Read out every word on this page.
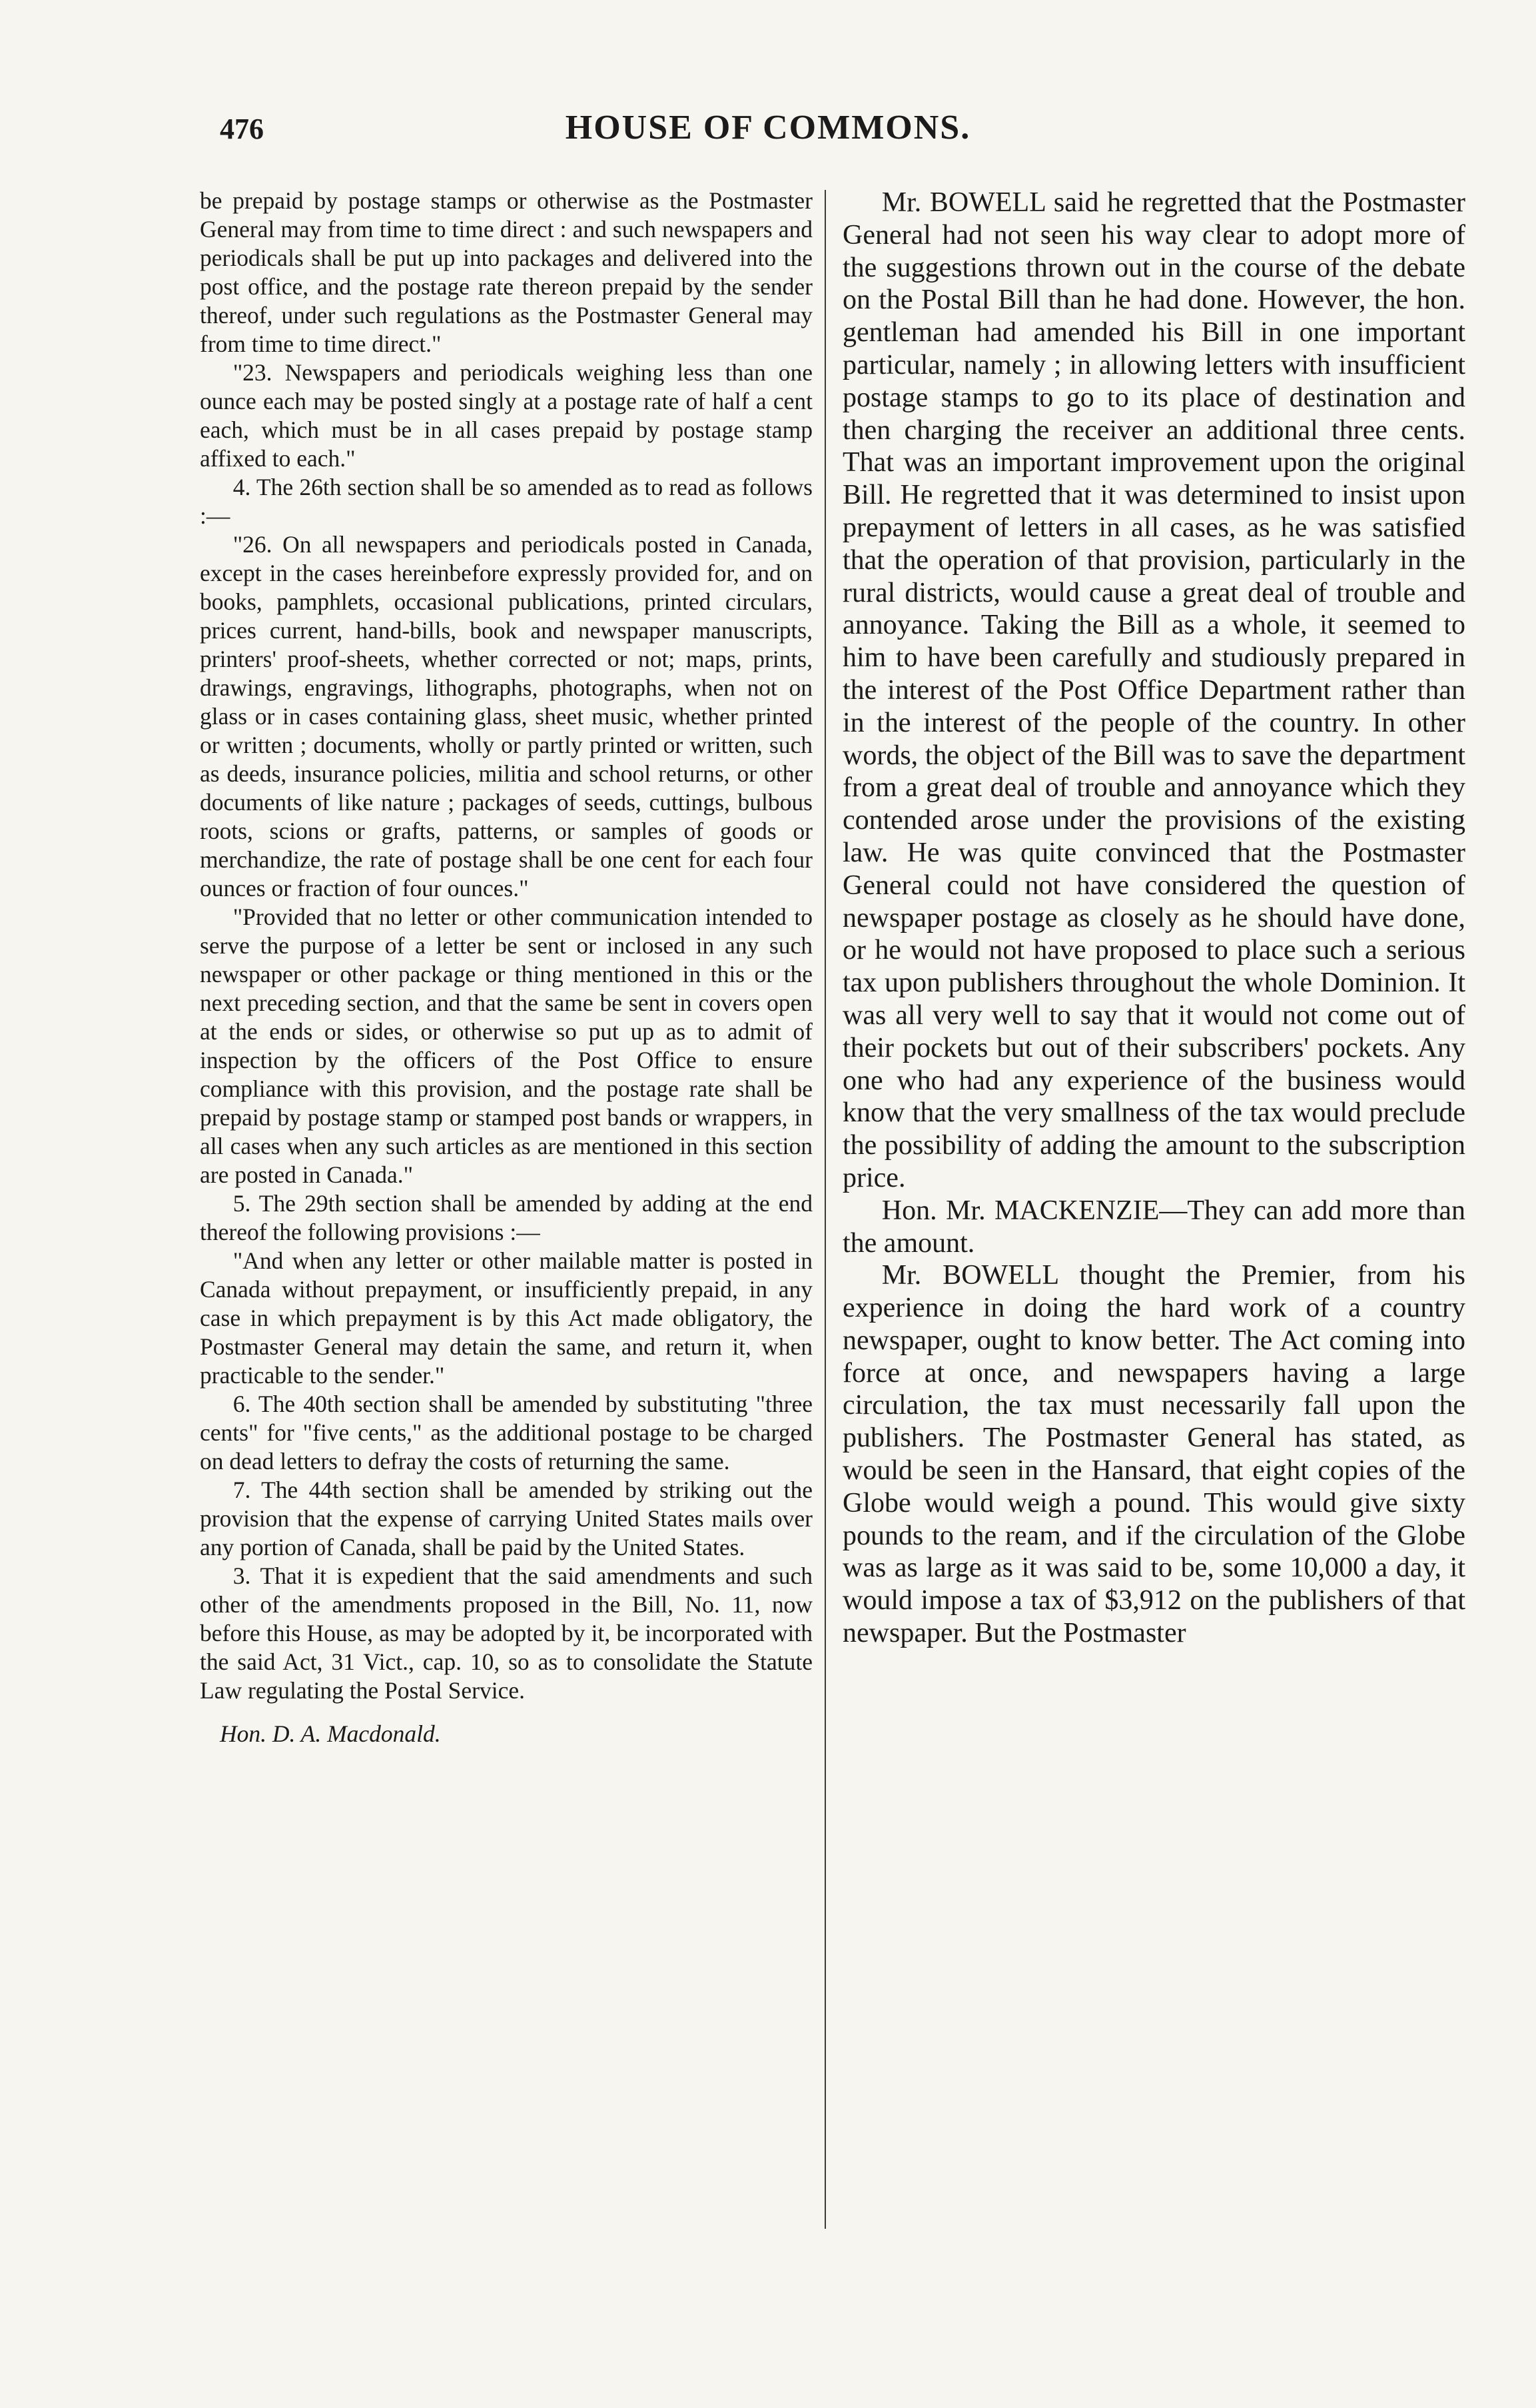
476	HOUSE OF COMMONS.

be prepaid by postage stamps or otherwise as the Postmaster General may from time to time direct : and such newspapers and periodicals shall be put up into packages and delivered into the post office, and the postage rate thereon prepaid by the sender thereof, under such regulations as the Postmaster General may from time to time direct."

"23. Newspapers and periodicals weighing less than one ounce each may be posted singly at a postage rate of half a cent each, which must be in all cases prepaid by postage stamp affixed to each."

4. The 26th section shall be so amended as to read as follows :—

"26. On all newspapers and periodicals posted in Canada, except in the cases hereinbefore expressly provided for, and on books, pamphlets, occasional publications, printed circulars, prices current, hand-bills, book and newspaper manuscripts, printers' proof-sheets, whether corrected or not; maps, prints, drawings, engravings, lithographs, photographs, when not on glass or in cases containing glass, sheet music, whether printed or written ; documents, wholly or partly printed or written, such as deeds, insurance policies, militia and school returns, or other documents of like nature ; packages of seeds, cuttings, bulbous roots, scions or grafts, patterns, or samples of goods or merchandize, the rate of postage shall be one cent for each four ounces or fraction of four ounces."

"Provided that no letter or other communication intended to serve the purpose of a letter be sent or inclosed in any such newspaper or other package or thing mentioned in this or the next preceding section, and that the same be sent in covers open at the ends or sides, or otherwise so put up as to admit of inspection by the officers of the Post Office to ensure compliance with this provision, and the postage rate shall be prepaid by postage stamp or stamped post bands or wrappers, in all cases when any such articles as are mentioned in this section are posted in Canada."

5. The 29th section shall be amended by adding at the end thereof the following provisions :—

"And when any letter or other mailable matter is posted in Canada without prepayment, or insufficiently prepaid, in any case in which prepayment is by this Act made obligatory, the Postmaster General may detain the same, and return it, when practicable to the sender."

6. The 40th section shall be amended by substituting "three cents" for "five cents," as the additional postage to be charged on dead letters to defray the costs of returning the same.

7. The 44th section shall be amended by striking out the provision that the expense of carrying United States mails over any portion of Canada, shall be paid by the United States.

3. That it is expedient that the said amendments and such other of the amendments proposed in the Bill, No. 11, now before this House, as may be adopted by it, be incorporated with the said Act, 31 Vict., cap. 10, so as to consolidate the Statute Law regulating the Postal Service.

Hon. D. A. Macdonald.

Mr. BOWELL said he regretted that the Postmaster General had not seen his way clear to adopt more of the suggestions thrown out in the course of the debate on the Postal Bill than he had done. However, the hon. gentleman had amended his Bill in one important particular, namely ; in allowing letters with insufficient postage stamps to go to its place of destination and then charging the receiver an additional three cents. That was an important improvement upon the original Bill. He regretted that it was determined to insist upon prepayment of letters in all cases, as he was satisfied that the operation of that provision, particularly in the rural districts, would cause a great deal of trouble and annoyance. Taking the Bill as a whole, it seemed to him to have been carefully and studiously prepared in the interest of the Post Office Department rather than in the interest of the people of the country. In other words, the object of the Bill was to save the department from a great deal of trouble and annoyance which they contended arose under the provisions of the existing law. He was quite convinced that the Postmaster General could not have considered the question of newspaper postage as closely as he should have done, or he would not have proposed to place such a serious tax upon publishers throughout the whole Dominion. It was all very well to say that it would not come out of their pockets but out of their subscribers' pockets. Any one who had any experience of the business would know that the very smallness of the tax would preclude the possibility of adding the amount to the subscription price.

Hon. Mr. MACKENZIE—They can add more than the amount.

Mr. BOWELL thought the Premier, from his experience in doing the hard work of a country newspaper, ought to know better. The Act coming into force at once, and newspapers having a large circulation, the tax must necessarily fall upon the publishers. The Postmaster General has stated, as would be seen in the Hansard, that eight copies of the Globe would weigh a pound. This would give sixty pounds to the ream, and if the circulation of the Globe was as large as it was said to be, some 10,000 a day, it would impose a tax of $3,912 on the publishers of that newspaper. But the Postmaster
